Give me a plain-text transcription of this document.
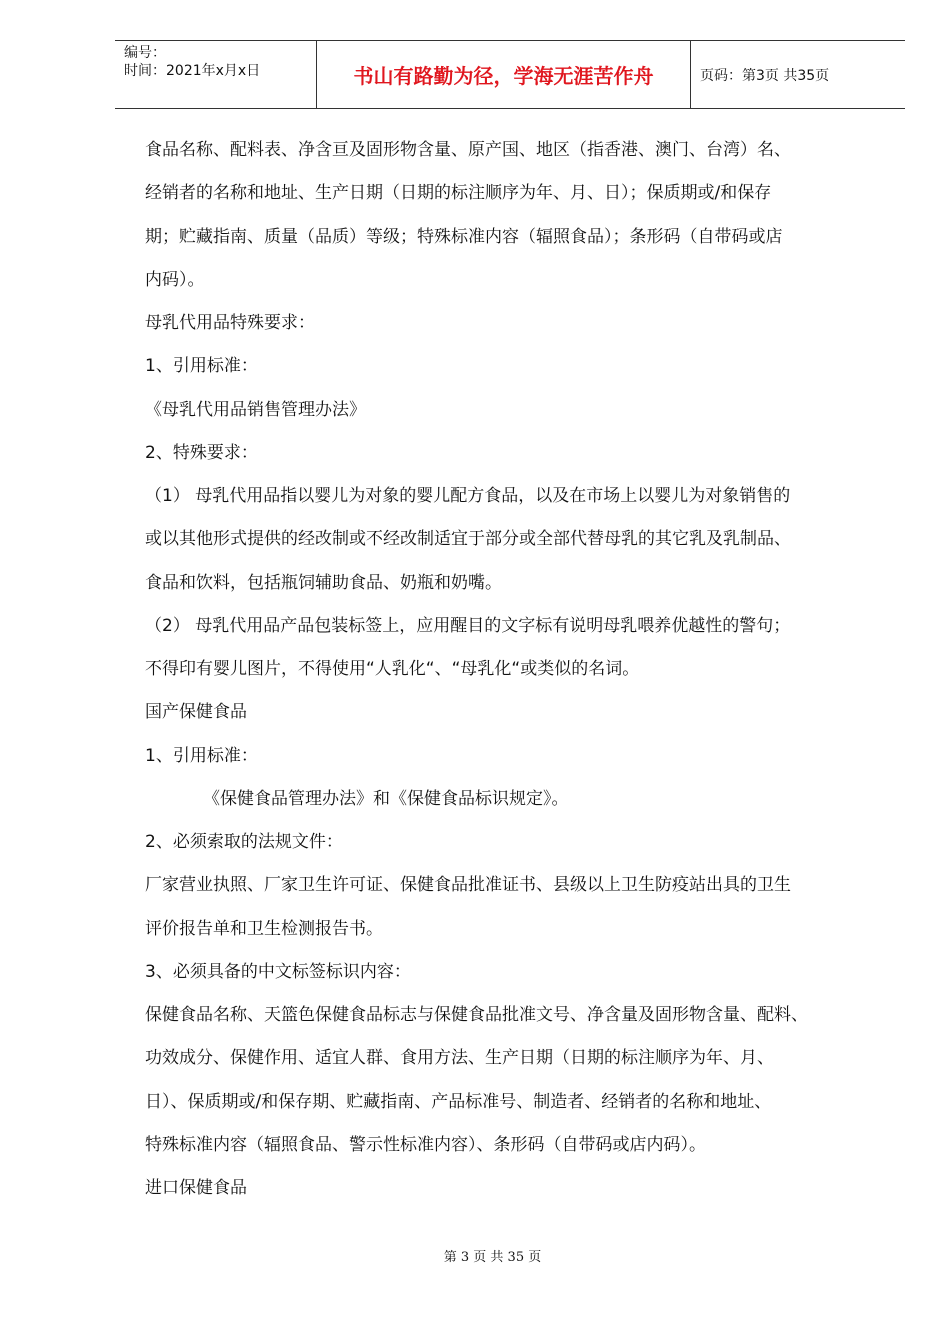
编号：
时间：2021年x月x日	书山有路勤为径，学海无涯苦作舟	页码：第3页 共35页
食品名称、配料表、净含亘及固形物含量、原产国、地区（指香港、澳门、台湾）名、
经销者的名称和地址、生产日期（日期的标注顺序为年、月、日）；保质期或/和保存
期；贮藏指南、质量（品质）等级；特殊标准内容（辐照食品）；条形码（自带码或店
内码）。
母乳代用品特殊要求：
1、引用标准：
《母乳代用品销售管理办法》
2、特殊要求：
（1） 母乳代用品指以婴儿为对象的婴儿配方食品，以及在市场上以婴儿为对象销售的
或以其他形式提供的经改制或不经改制适宜于部分或全部代替母乳的其它乳及乳制品、
食品和饮料，包括瓶饲辅助食品、奶瓶和奶嘴。
（2） 母乳代用品产品包装标签上，应用醒目的文字标有说明母乳喂养优越性的警句；
不得印有婴儿图片，不得使用“人乳化“、“母乳化“或类似的名词。
国产保健食品
1、引用标准：
《保健食品管理办法》和《保健食品标识规定》。
2、必须索取的法规文件：
厂家营业执照、厂家卫生许可证、保健食品批准证书、县级以上卫生防疫站出具的卫生
评价报告单和卫生检测报告书。
3、必须具备的中文标签标识内容：
保健食品名称、天篮色保健食品标志与保健食品批准文号、净含量及固形物含量、配料、
功效成分、保健作用、适宜人群、食用方法、生产日期（日期的标注顺序为年、月、
日）、保质期或/和保存期、贮藏指南、产品标准号、制造者、经销者的名称和地址、
特殊标准内容（辐照食品、警示性标准内容）、条形码（自带码或店内码）。
进口保健食品
第 3 页 共 35 页
